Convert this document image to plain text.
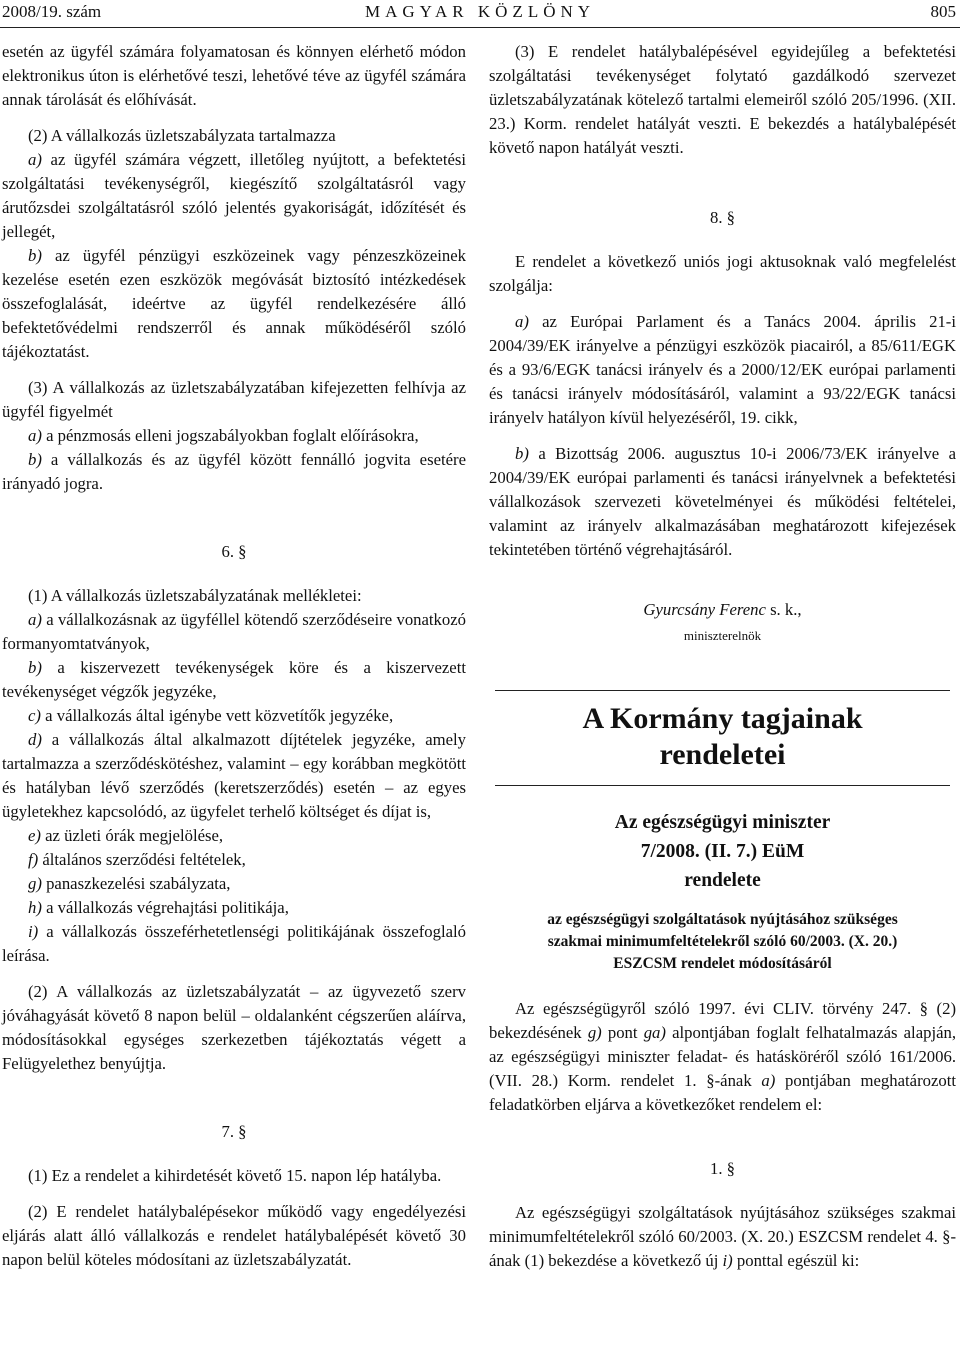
2008/19. szám	MAGYAR KÖZLÖNY	805

esetén az ügyfél számára folyamatosan és könnyen elérhető módon elektronikus úton is elérhetővé teszi, lehetővé téve az ügyfél számára annak tárolását és előhívását.

(2) A vállalkozás üzletszabályzata tartalmazza

a) az ügyfél számára végzett, illetőleg nyújtott, a befektetési szolgáltatási tevékenységről, kiegészítő szolgáltatásról vagy árutőzsdei szolgáltatásról szóló jelentés gyakoriságát, időzítését és jellegét,

b) az ügyfél pénzügyi eszközeinek vagy pénzeszközeinek kezelése esetén ezen eszközök megóvását biztosító intézkedések összefoglalását, ideértve az ügyfél rendelkezésére álló befektetővédelmi rendszerről és annak működéséről szóló tájékoztatást.

(3) A vállalkozás az üzletszabályzatában kifejezetten felhívja az ügyfél figyelmét

a) a pénzmosás elleni jogszabályokban foglalt előírásokra,

b) a vállalkozás és az ügyfél között fennálló jogvita esetére irányadó jogra.

6. §

(1) A vállalkozás üzletszabályzatának mellékletei:

a) a vállalkozásnak az ügyféllel kötendő szerződéseire vonatkozó formanyomtatványok,

b) a kiszervezett tevékenységek köre és a kiszervezett tevékenységet végzők jegyzéke,

c) a vállalkozás által igénybe vett közvetítők jegyzéke,

d) a vállalkozás által alkalmazott díjtételek jegyzéke, amely tartalmazza a szerződéskötéshez, valamint – egy korábban megkötött és hatályban lévő szerződés (keretszerződés) esetén – az egyes ügyletekhez kapcsolódó, az ügyfelet terhelő költséget és díjat is,

e) az üzleti órák megjelölése,

f) általános szerződési feltételek,

g) panaszkezelési szabályzata,

h) a vállalkozás végrehajtási politikája,

i) a vállalkozás összeférhetetlenségi politikájának összefoglaló leírása.

(2) A vállalkozás az üzletszabályzatát – az ügyvezető szerv jóváhagyását követő 8 napon belül – oldalanként cégszerűen aláírva, módosításokkal egységes szerkezetben tájékoztatás végett a Felügyelethez benyújtja.

7. §

(1) Ez a rendelet a kihirdetését követő 15. napon lép hatályba.

(2) E rendelet hatálybalépésekor működő vagy engedélyezési eljárás alatt álló vállalkozás e rendelet hatálybalépését követő 30 napon belül köteles módosítani az üzletszabályzatát.

(3) E rendelet hatálybalépésével egyidejűleg a befektetési szolgáltatási tevékenységet folytató gazdálkodó szervezet üzletszabályzatának kötelező tartalmi elemeiről szóló 205/1996. (XII. 23.) Korm. rendelet hatályát veszti. E bekezdés a hatálybalépését követő napon hatályát veszti.

8. §

E rendelet a következő uniós jogi aktusoknak való megfelelést szolgálja:

a) az Európai Parlament és a Tanács 2004. április 21-i 2004/39/EK irányelve a pénzügyi eszközök piacairól, a 85/611/EGK és a 93/6/EGK tanácsi irányelv és a 2000/12/EK európai parlamenti és tanácsi irányelv módosításáról, valamint a 93/22/EGK tanácsi irányelv hatályon kívül helyezéséről, 19. cikk,

b) a Bizottság 2006. augusztus 10-i 2006/73/EK irányelve a 2004/39/EK európai parlamenti és tanácsi irányelvnek a befektetési vállalkozások szervezeti követelményei és működési feltételei, valamint az irányelv alkalmazásában meghatározott kifejezések tekintetében történő végrehajtásáról.

Gyurcsány Ferenc s. k.,

miniszterelnök

A Kormány tagjainak rendeletei

Az egészségügyi miniszter

7/2008. (II. 7.) EüM

rendelete

az egészségügyi szolgáltatások nyújtásához szükséges szakmai minimumfeltételekről szóló 60/2003. (X. 20.) ESZCSM rendelet módosításáról

Az egészségügyről szóló 1997. évi CLIV. törvény 247. § (2) bekezdésének g) pont ga) alpontjában foglalt felhatalmazás alapján, az egészségügyi miniszter feladat- és hatásköréről szóló 161/2006. (VII. 28.) Korm. rendelet 1. §-ának a) pontjában meghatározott feladatkörben eljárva a következőket rendelem el:

1. §

Az egészségügyi szolgáltatások nyújtásához szükséges szakmai minimumfeltételekről szóló 60/2003. (X. 20.) ESZCSM rendelet 4. §-ának (1) bekezdése a következő új i) ponttal egészül ki:
